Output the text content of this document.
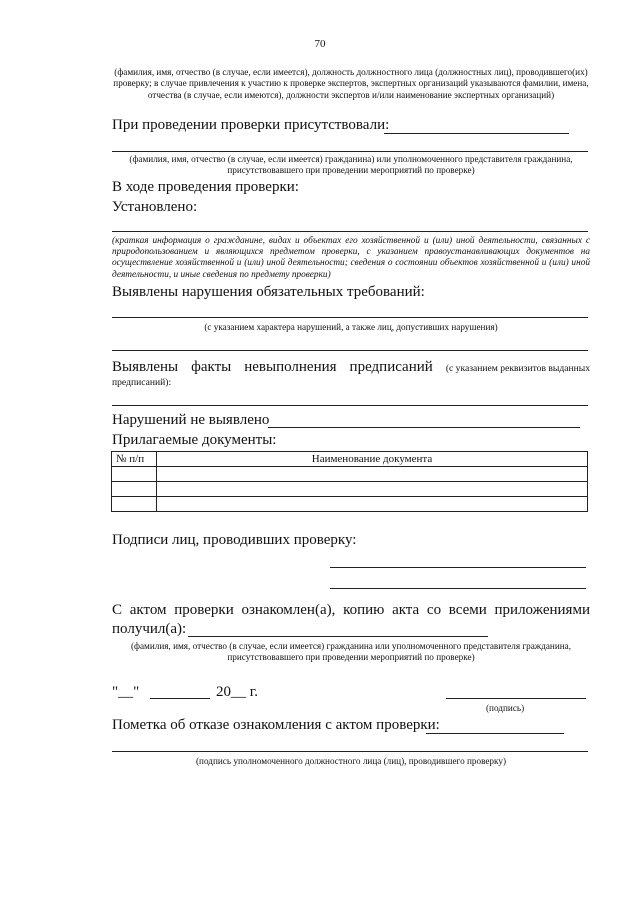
70
(фамилия, имя, отчество (в случае, если имеется), должность должностного лица (должностных лиц), проводившего(их) проверку; в случае привлечения к участию к проверке экспертов, экспертных организаций указываются фамилии, имена, отчества (в случае, если имеются), должности экспертов и/или наименование экспертных организаций)
При проведении проверки присутствовали:
(фамилия, имя, отчество (в случае, если имеется) гражданина) или уполномоченного представителя гражданина, присутствовавшего при проведении мероприятий по проверке)
В ходе проведения проверки:
Установлено:
(краткая информация о гражданине, видах и объектах его хозяйственной и (или) иной деятельности, связанных с природопользованием и являющихся предметом проверки, с указанием правоустанавливающих документов на осуществление хозяйственной и (или) иной деятельности; сведения о состоянии объектов хозяйственной и (или) иной деятельности, и иные сведения по предмету проверки)
Выявлены нарушения обязательных требований:
(с указанием характера нарушений, а также лиц, допустивших нарушения)
Выявлены факты невыполнения предписаний (с указанием реквизитов выданных
предписаний):
Нарушений не выявлено
Прилагаемые документы:
№ п/п	Наименование документа

Подписи лиц, проводивших проверку:
С актом проверки ознакомлен(а), копию акта со всеми приложениями
получил(а):
(фамилия, имя, отчество (в случае, если имеется) гражданина или уполномоченного представителя гражданина, присутствовавшего при проведении мероприятий по проверке)
"__"	20__ г.
(подпись)
Пометка об отказе ознакомления с актом проверки:
(подпись уполномоченного должностного лица (лиц), проводившего проверку)
